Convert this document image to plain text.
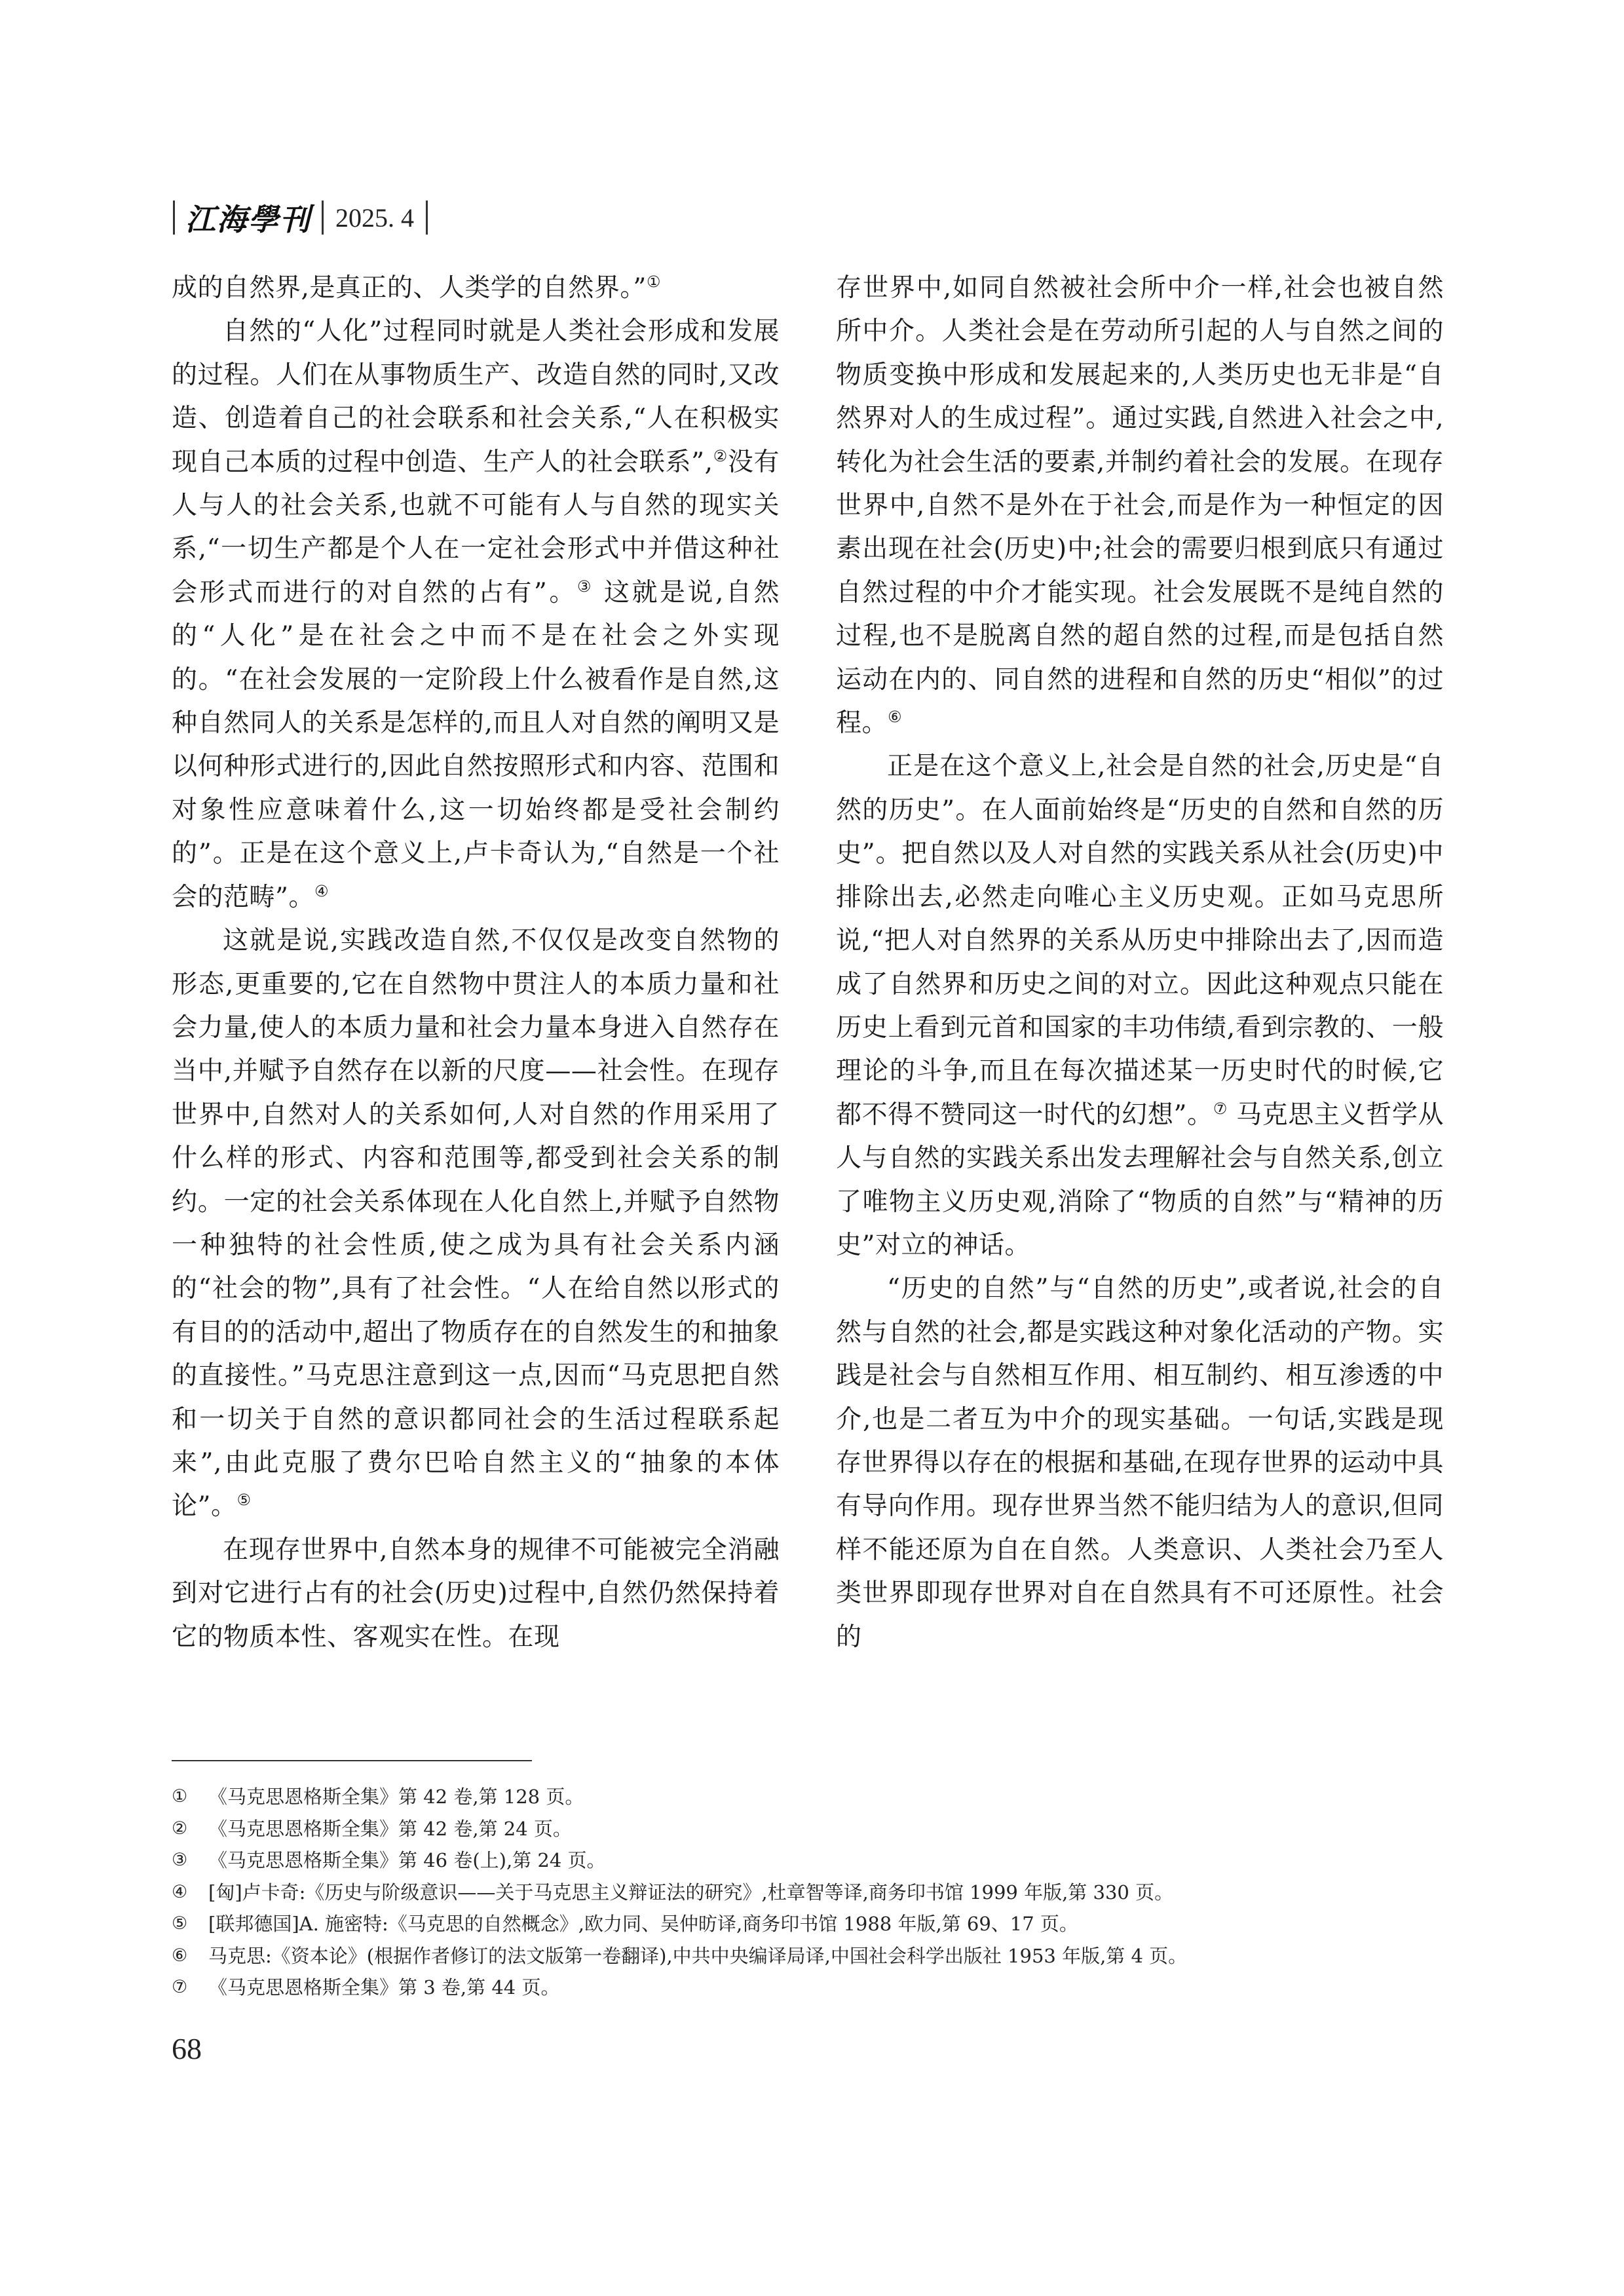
江海學刊 2025. 4

成的自然界,是真正的、人类学的自然界。”①

自然的“人化”过程同时就是人类社会形成和发展的过程。人们在从事物质生产、改造自然的同时,又改造、创造着自己的社会联系和社会关系,“人在积极实现自己本质的过程中创造、生产人的社会联系”,②没有人与人的社会关系,也就不可能有人与自然的现实关系,“一切生产都是个人在一定社会形式中并借这种社会形式而进行的对自然的占有”。③ 这就是说,自然的“人化”是在社会之中而不是在社会之外实现的。“在社会发展的一定阶段上什么被看作是自然,这种自然同人的关系是怎样的,而且人对自然的阐明又是以何种形式进行的,因此自然按照形式和内容、范围和对象性应意味着什么,这一切始终都是受社会制约的”。正是在这个意义上,卢卡奇认为,“自然是一个社会的范畴”。④

这就是说,实践改造自然,不仅仅是改变自然物的形态,更重要的,它在自然物中贯注人的本质力量和社会力量,使人的本质力量和社会力量本身进入自然存在当中,并赋予自然存在以新的尺度——社会性。在现存世界中,自然对人的关系如何,人对自然的作用采用了什么样的形式、内容和范围等,都受到社会关系的制约。一定的社会关系体现在人化自然上,并赋予自然物一种独特的社会性质,使之成为具有社会关系内涵的“社会的物”,具有了社会性。“人在给自然以形式的有目的的活动中,超出了物质存在的自然发生的和抽象的直接性。”马克思注意到这一点,因而“马克思把自然和一切关于自然的意识都同社会的生活过程联系起来”,由此克服了费尔巴哈自然主义的“抽象的本体论”。⑤

在现存世界中,自然本身的规律不可能被完全消融到对它进行占有的社会(历史)过程中,自然仍然保持着它的物质本性、客观实在性。在现

存世界中,如同自然被社会所中介一样,社会也被自然所中介。人类社会是在劳动所引起的人与自然之间的物质变换中形成和发展起来的,人类历史也无非是“自然界对人的生成过程”。通过实践,自然进入社会之中,转化为社会生活的要素,并制约着社会的发展。在现存世界中,自然不是外在于社会,而是作为一种恒定的因素出现在社会(历史)中;社会的需要归根到底只有通过自然过程的中介才能实现。社会发展既不是纯自然的过程,也不是脱离自然的超自然的过程,而是包括自然运动在内的、同自然的进程和自然的历史“相似”的过程。⑥

正是在这个意义上,社会是自然的社会,历史是“自然的历史”。在人面前始终是“历史的自然和自然的历史”。把自然以及人对自然的实践关系从社会(历史)中排除出去,必然走向唯心主义历史观。正如马克思所说,“把人对自然界的关系从历史中排除出去了,因而造成了自然界和历史之间的对立。因此这种观点只能在历史上看到元首和国家的丰功伟绩,看到宗教的、一般理论的斗争,而且在每次描述某一历史时代的时候,它都不得不赞同这一时代的幻想”。⑦ 马克思主义哲学从人与自然的实践关系出发去理解社会与自然关系,创立了唯物主义历史观,消除了“物质的自然”与“精神的历史”对立的神话。

“历史的自然”与“自然的历史”,或者说,社会的自然与自然的社会,都是实践这种对象化活动的产物。实践是社会与自然相互作用、相互制约、相互渗透的中介,也是二者互为中介的现实基础。一句话,实践是现存世界得以存在的根据和基础,在现存世界的运动中具有导向作用。现存世界当然不能归结为人的意识,但同样不能还原为自在自然。人类意识、人类社会乃至人类世界即现存世界对自在自然具有不可还原性。社会的

①	《马克思恩格斯全集》第 42 卷,第 128 页。
②	《马克思恩格斯全集》第 42 卷,第 24 页。
③	《马克思恩格斯全集》第 46 卷(上),第 24 页。
④	[匈]卢卡奇:《历史与阶级意识——关于马克思主义辩证法的研究》,杜章智等译,商务印书馆 1999 年版,第 330 页。
⑤	[联邦德国]A. 施密特:《马克思的自然概念》,欧力同、吴仲昉译,商务印书馆 1988 年版,第 69、17 页。
⑥	马克思:《资本论》(根据作者修订的法文版第一卷翻译),中共中央编译局译,中国社会科学出版社 1953 年版,第 4 页。
⑦	《马克思恩格斯全集》第 3 卷,第 44 页。
68
